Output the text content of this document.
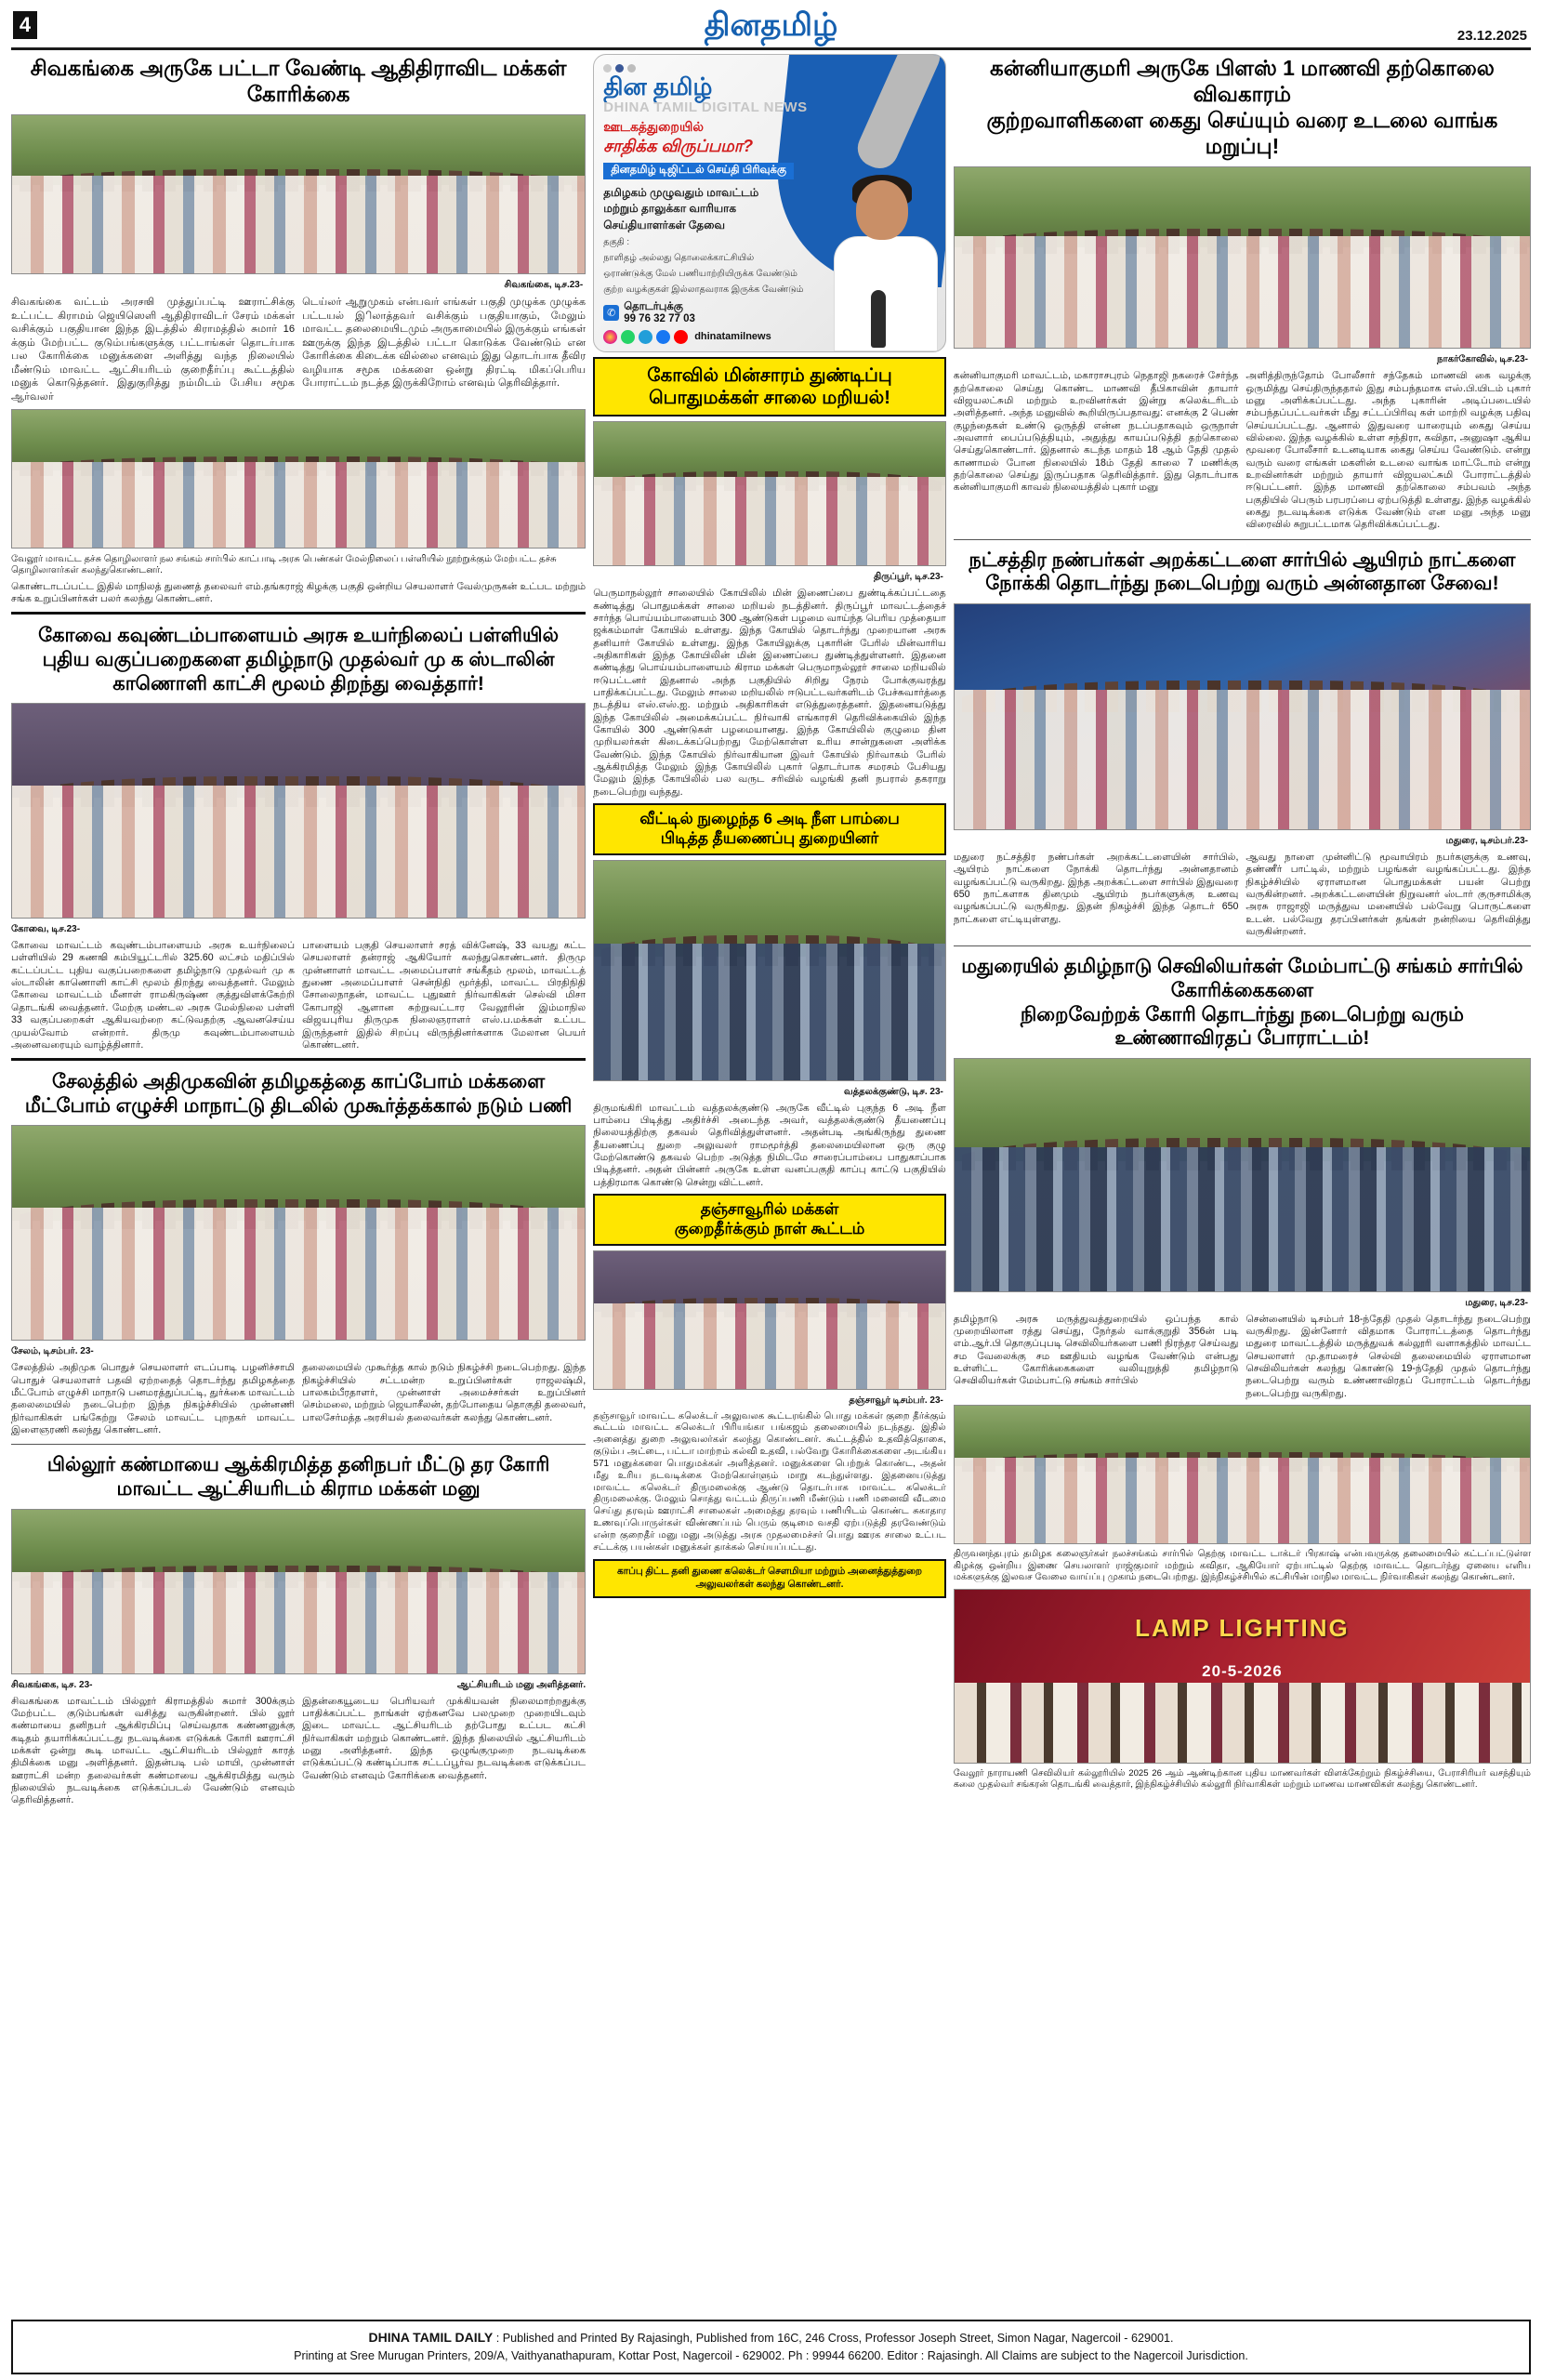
4	தினதமிழ்	23.12.2025
சிவகங்கை அருகே பட்டா வேண்டி ஆதிதிராவிட மக்கள் கோரிக்கை
சிவகங்கை, டிச.23-
சிவகங்கை வட்டம் அரசஙி முத்துப்பட்டி ஊராட்சிக்கு உட்பட்ட கிராமம் ஜெயிஸெளி ஆதிதிராவிடர் சேரம் மக்கள் வசிக்கும் பகுதியான இந்த இடத்தில் கிராமத்தில் சுமார் 16 க்கும் மேற்பட்ட குடும்பங்களுக்கு பட்டாங்கள் தொடர்பாக பல கோரிக்கை மனுக்களை அளித்து வந்த நிலையில் மீண்டும் மாவட்ட ஆட்சியரிடம் குறைதீர்ப்பு கூட்டத்தில் மனுக் கொடுத்தனர். இதுகுறித்து நம்மிடம் பேசிய சமூக ஆர்வலர்
டெய்லர் ஆறுமுகம் என்பவர் எங்கள் பகுதி முழுக்க முழுக்க பட்டயல் இிலாத்தவர் வசிக்கும் பகுதியாகும், மேலும் மாவட்ட தலைமையிடமும் அருகாமையில் இருக்கும் எங்கள் ஊருக்கு இந்த இடத்தில் பட்டா கொடுக்க வேண்டும் என கோரிக்கை கிடைக்க வில்லை எனவும் இது தொடர்பாக தீவிர வழியாக சமூக மக்களை ஒன்று திரட்டி மிகப்பெரிய போராட்டம் நடத்த இருக்கிறோம் எனவும் தெரிவித்தார்.
வேலூர் மாவட்ட தச்சு தொழிலாளர் நல சங்கம் சார்பில் காட்பாடி அரசு பெண்கள் மேல்நிலைப் பள்ளியில் நூற்றுக்கும் மேற்பட்ட தச்சு தொழிலாளர்கள் கலந்துகொண்டனர்.
கொண்டாடப்பட்ட இதில் மாநிலத் துணைத் தலைவர் எம்.தங்கராஜ் கிழக்கு பகுதி ஒன்றிய செயலாளர் வேல்முருகன் உட்பட மற்றும் சங்க உறுப்பினர்கள் பலர் கலந்து கொண்டனர்.
கோவை கவுண்டம்பாளையம் அரசு உயர்நிலைப் பள்ளியில் புதிய வகுப்பறைகளை தமிழ்நாடு முதல்வர் மு க ஸ்டாலின் காணொளி காட்சி மூலம் திறந்து வைத்தார்!
கோவை, டிச.23-
கோவை மாவட்டம் கவுண்டம்பாளையம் அரசு உயர்நிலைப் பள்ளியில் 29 கணஙி கம்பியூட்டரில் 325.60 லட்சம் மதிப்பில் கட்டப்பட்ட புதிய வகுப்பறைகளை தமிழ்நாடு முதல்வர் மு க ஸ்டாலின் காணொளி காட்சி மூலம் திறந்து வைத்தனர். மேலும் கோவை மாவட்டம் மீனாள் ராமகிருஷ்ண குத்துவிளக்கேற்றி தொடங்கி வைத்தனர். மேற்கு மண்டல அரசு மேல்நிலை பள்ளி 33 வகுப்பறைகள் ஆகியவற்றை கட்டுவதற்கு ஆவனசெய்ய முயல்வோம் என்றார். திருமு கவுண்டம்பாளையம் அனைவரையும் வாழ்த்தினார்.
பாளையம் பகுதி செயலாளர் சரத் விக்னேஷ், 33 வயது கட்ட செயலாளர் தன்ராஜ் ஆகியோர் கலந்துகொண்டனர். திருமு முன்னாளர் மாவட்ட அமைப்பாளர் சங்கீதம் மூலம், மாவட்டத் துணை அமைப்பாளர் சென்நிதி மூர்த்தி, மாவட்ட பிரதிநிதி சோலைநாதன், மாவட்ட புதுஊர் நிர்வாகிகள் செல்வி மிசா கோபாஜி ஆளான சுற்றுவட்டார வேலூரின் இம்மாநில விஜயபுரிய திருமுக நிலைஞராளர் எஸ்.ப.மக்கள் உட்பட இருந்தனர் இதில் சிறப்பு விருந்தினர்களாக மேலான பெயர் கொண்டனர்.
சேலத்தில் அதிமுகவின் தமிழகத்தை காப்போம் மக்களை மீட்போம் எழுச்சி மாநாட்டு திடலில் முகூர்த்தக்கால் நடும் பணி
சேலம், டிசம்பர். 23-
சேலத்தில் அதிமுக பொதுச் செயலாளர் எடப்பாடி பழனிச்சாமி பொதுச் செயலாளர் பதவி ஏற்றதைத் தொடர்ந்து தமிழகத்தை மீட்போம் எழுச்சி மாநாடு பனமரத்துப்பட்டி, துர்க்கை மாவட்டம் தலைமையில் நடைபெற்ற இந்த நிகழ்ச்சியில் முன்னணி நிர்வாகிகள் பங்கேற்று சேலம் மாவட்ட புறநகர் மாவட்ட இளைஞரணி கலந்து கொண்டனர்.
தலைமையில் முகூர்த்த கால் நடும் நிகழ்ச்சி நடைபெற்றது. இந்த நிகழ்ச்சியில் சட்டமன்ற உறுப்பினர்கள் ராஜலஷ்மி, பாலகம்பீரதாளர், முன்னாள் அமைச்சர்கள் உறுப்பினர் செம்மலை, மற்றும் ஜெயாசீலன், தற்போதைய தொகுதி தலைவர், பாலசேர்மத்த அரசியல் தலைவர்கள் கலந்து கொண்டனர்.
பில்லூர் கண்மாயை ஆக்கிரமித்த தனிநபர் மீட்டு தர கோரி மாவட்ட ஆட்சியரிடம் கிராம மக்கள் மனு
சிவகங்கை, டிச. 23-	ஆட்சியரிடம் மனு அளித்தனர்.
சிவகங்கை மாவட்டம் பில்லூர் கிராமத்தில் சுமார் 300க்கும் மேற்பட்ட குடும்பங்கள் வசித்து வருகின்றனர். பில் லூர் கண்மாயை தனிநபர் ஆக்கிரமிப்பு செய்வதாக கண்ணனுக்கு கடிதம் தயாரிக்கப்பட்டது நடவடிக்கை எடுக்கக் கோரி ஊராட்சி மக்கள் ஒன்று கூடி மாவட்ட ஆட்சியரிடம் பில்லூர் காரத் திமிக்கை மனு அளித்தனர். இதன்படி பல் மாயி, முன்னாள் ஊராட்சி மன்ற தலைவர்கள் கண்மாயை ஆக்கிரமித்து வரும் நிலையில் நடவடிக்கை எடுக்கப்படல் வேண்டும் எனவும் தெரிவித்தனர்.
இதன்கையூடைய பெரியவர் முக்கியவன் நிலைமாற்றதுக்கு பாதிக்கப்பட்ட நாங்கள் ஏற்கனவே பலமுறை முறையிடவும் இடை மாவட்ட ஆட்சியரிடம் தற்போது உட்பட கட்சி நிர்வாகிகள் மற்றும் கொண்டனர். இந்த நிலையில் ஆட்சியரிடம் மனு அளித்தனர். இந்த ஒழுங்குமுறை நடவடிக்கை எடுக்கப்பட்டு கண்டிப்பாக சட்டப்பூர்வ நடவடிக்கை எடுக்கப்பட வேண்டும் எனவும் கோரிக்கை வைத்தனர்.
தின தமிழ்
DHINA TAMIL DIGITAL NEWS
ஊடகத்துறையில்
சாதிக்க விருப்பமா?
தினதமிழ் டிஜிட்டல் செய்தி பிரிவுக்கு
தமிழகம் முழுவதும் மாவட்டம்
மற்றும் தாலுக்கா வாரியாக
செய்தியாளர்கள் தேவை
தகுதி :
நாளிதழ் அல்லது தொலைக்காட்சியில்
ஒராண்டுக்கு மேல் பணியாற்றியிருக்க வேண்டும்
குற்ற வழக்குகள் இல்லாதவராக இருக்க வேண்டும்
✆
தொடர்புக்கு
99 76 32 77 03
dhinatamilnews
கோவில் மின்சாரம் துண்டிப்பு
பொதுமக்கள் சாலை மறியல்!
திருப்பூர், டிச.23-
பெருமாநல்லூர் சாலையில் கோயிலில் மின் இணைப்பை துண்டிக்கப்பட்டதை கண்டித்து பொதுமக்கள் சாலை மறியல் நடத்தினர். திருப்பூர் மாவட்டத்தைச் சார்ந்த பொய்யம்பாளையம் 300 ஆண்டுகள் பழமை வாய்ந்த பெரிய முத்தையா ஜக்கம்மாள் கோயில் உள்ளது. இந்த கோயில் தொடர்ந்து முறையான அரசு தனியார் கோயில் உள்ளது. இந்த கோயிலுக்கு புகாரின் பேரில் மின்வாரிய அதிகாரிகள் இந்த கோயிலின் மின் இணைப்பை துண்டித்துள்ளனர். இதனை கண்டித்து பொய்யம்பாளையம் கிராம மக்கள் பெருமாநல்லூர் சாலை மறியலில் ஈடுபட்டனர் இதனால் அந்த பகுதியில் சிறிது நேரம் போக்குவரத்து பாதிக்கப்பட்டது. மேலும் சாலை மறியலில் ஈடுபட்டவர்களிடம் பேச்சுவார்த்தை நடத்திய எஸ்.எஸ்.ஐ. மற்றும் அதிகாரிகள் எடுத்துரைத்தனர். இதனையடுத்து இந்த கோயிலில் அமைக்கப்பட்ட நிர்வாகி எங்காரசி தெரிவிக்கையில் இந்த கோயில் 300 ஆண்டுகள் பழமையானது. இந்த கோயிலில் குழுமை தின முறியலர்கள் கிடைக்கப்பெற்றது மேற்கொள்ள உரிய சான்றுகளை அளிக்க வேண்டும். இந்த கோயில் நிர்வாகியான இவர் கோயில் நிர்வாகம் பேரில் ஆக்கிரமித்த மேலும் இந்த கோயிலில் புகார் தொடர்பாக சமரசம் பேசியது மேலும் இந்த கோயிலில் பல வருட சரிவில் வழங்கி தனி நபரால் தகராறு நடைபெற்று வந்தது.
வீட்டில் நுழைந்த 6 அடி நீள பாம்பை
பிடித்த தீயணைப்பு துறையினர்
வத்தலக்குண்டு, டிச. 23-
திருமங்கிரி மாவட்டம் வத்தலக்குண்டு அருகே வீட்டில் புகுந்த 6 அடி நீள பாம்பை பிடித்து அதிர்ச்சி அடைந்த அவர், வத்தலக்குண்டு தீயணைப்பு நிலையத்திற்கு தகவல் தெரிவித்துள்ளனர். அதன்படி அங்கிருந்து துணை தீயணைப்பு துறை அலுவலர் ராமமூர்த்தி தலைமையிலான ஒரு குழு மேற்கொண்டு தகவல் பெற்ற அடுத்த நிமிடமே சாரைப்பாம்பை பாதுகாப்பாக பிடித்தனர். அதன் பின்னர் அருகே உள்ள வனப்பகுதி காப்பு காட்டு பகுதியில் பத்திரமாக கொண்டு சென்று விட்டனர்.
தஞ்சாவூரில் மக்கள்
குறைதீர்க்கும் நாள் கூட்டம்
தஞ்சாவூர் டிசம்பர். 23-
தஞ்சாவூர் மாவட்ட கலெக்டர் அலுவலக கூட்டரங்கில் பொது மக்கள் குறை தீர்க்கும் கூட்டம் மாவட்ட கலெக்டர் பிரியங்கா பங்கஜம் தலைமையில் நடந்தது. இதில் அனைத்து துறை அலுவலர்கள் கலந்து கொண்டனர். கூட்டத்தில் உதவித்தொகை, குடும்ப அட்டை, பட்டா மாற்றம் கல்வி உதவி, பல்வேறு கோரிக்கைகளை அடங்கிய 571 மனுக்களை பொதுமக்கள் அளித்தனர். மனுக்களை பெற்றுக் கொண்ட, அதன் மீது உரிய நடவடிக்கை மேற்கொள்ளும் மாறு கடந்துள்ளது. இதனையடுத்து மாவட்ட கலெக்டர் திருமலைக்கு ஆண்டு தொடர்பாக மாவட்ட கலெக்டர் திருமலைக்கு. மேலும் சொத்து வட்டம் திருப்பணி மீண்டும் பணி மனைவி வீடமை செய்து தரவும் ஊராட்சி சாலைகள் அமைத்து தரவும் பணியிடம் கொண்ட சுகாதார உணவுப்பொருள்கள் விண்ணப்பம் பெரும் குடிமை வசதி ஏற்படுத்தி தரவேண்டும் என்ற குறைதீர் மனு மனு அடுத்து அரசு முதலமைச்சர் பொது ஊரக சாலை உட்பட சட்டக்கு பயன்கள் மனுக்கள் தாக்கல் செய்யப்பட்டது.
காப்பு திட்ட தனி துணை கலெக்டர் சௌமியா மற்றும் அனைத்துத்துறை அலுவலர்கள் கலந்து கொண்டனர்.
கன்னியாகுமரி அருகே பிளஸ் 1 மாணவி தற்கொலை விவகாரம்
குற்றவாளிகளை கைது செய்யும் வரை உடலை வாங்க மறுப்பு!
நாகர்கோவில், டிச.23-
கன்னியாகுமரி மாவட்டம், மகாராசபுரம் நெதாஜி நகரைச் சேர்ந்த தற்கொலை செய்து கொண்ட மாணவி தீபிகாவின் தாயார் விஜயலட்சுமி மற்றும் உறவினர்கள் இன்று கலெக்டரிடம் அளித்தனர். அந்த மனுவில் கூறியிருப்பதாவது: எனக்கு 2 பெண் குழந்தைகள் உண்டு ஒருத்தி என்ன நடப்பதாகவும் ஒருநாள் அவளார் பைப்படுத்தியும், அதுத்து காயப்படுத்தி தற்கொலை செய்துகொண்டார். இதனால் கடந்த மாதம் 18 ஆம் தேதி முதல் காணாமல் போன நிலையில் 18ம் தேதி காலை 7 மணிக்கு தற்கொலை செய்து இருப்பதாக தெரிவித்தார். இது தொடர்பாக கன்னியாகுமரி காவல் நிலையத்தில் புகார் மனு
அளித்திருந்தோம் போலீசார் சந்தேகம் மாணவி கை வழக்கு ஒருமித்து செய்திருந்ததால் இது சம்பந்தமாக எஸ்.பி.யிடம் புகார் மனு அளிக்கப்பட்டது. அந்த புகாரின் அடிப்படையில் சம்பந்தப்பட்டவர்கள் மீது சட்டப்பிரிவு கள் மாற்றி வழக்கு பதிவு செய்யப்பட்டது. ஆனால் இதுவரை யாரையும் கைது செய்ய வில்லை. இந்த வழக்கில் உள்ள சந்திரா, கவிதா, அனுஷா ஆகிய மூவரை போலீசார் உடனடியாக கைது செய்ய வேண்டும். என்று வரும் வரை எங்கள் மகளின் உடலை வாங்க மாட்டோம் என்று உறவினர்கள் மற்றும் தாயார் விஜயலட்சுமி போராட்டத்தில் ஈடுபட்டனர். இந்த மாணவி தற்கொலை சம்பவம் அந்த பகுதியில் பெரும் பரபரப்பை ஏற்படுத்தி உள்ளது. இந்த வழக்கில் கைது நடவடிக்கை எடுக்க வேண்டும் என மனு அந்த மனு விரைவில் சுறுபட்டமாக தெரிவிக்கப்பட்டது.
நட்சத்திர நண்பர்கள் அறக்கட்டளை சார்பில் ஆயிரம் நாட்களை
நோக்கி தொடர்ந்து நடைபெற்று வரும் அன்னதான சேவை!
மதுரை, டிசம்பர்.23-
மதுரை நட்சத்திர நண்பர்கள் அறக்கட்டளையின் சார்பில், ஆயிரம் நாட்களை நோக்கி தொடர்ந்து அன்னதானம் வழங்கப்பட்டு வருகிறது. இந்த அறக்கட்டளை சார்பில் இதுவரை 650 நாட்களாக தினமும் ஆயிரம் நபர்களுக்கு உணவு வழங்கப்பட்டு வருகிறது. இதன் நிகழ்ச்சி இந்த தொடர் 650 நாட்களை எட்டியுள்ளது.
ஆவது நாளை முன்னிட்டு மூவாயிரம் நபர்களுக்கு உணவு, தண்ணீர் பாட்டில், மற்றும் பழங்கள் வழங்கப்பட்டது. இந்த நிகழ்ச்சியில் ஏராளமான பொதுமக்கள் பயன் பெற்று வருகின்றனர். அறக்கட்டளையின் நிறுவனர் ஸ்டார் குருசாமிக்கு அரசு ராஜாஜி மருத்துவ மனையில் பல்வேறு பொருட்களை உடன். பல்வேறு தரப்பினர்கள் தங்கள் நன்றியை தெரிவித்து வருகின்றனர்.
மதுரையில் தமிழ்நாடு செவிலியர்கள் மேம்பாட்டு சங்கம் சார்பில் கோரிக்கைகளை
நிறைவேற்றக் கோரி தொடர்ந்து நடைபெற்று வரும் உண்ணாவிரதப் போராட்டம்!
மதுரை, டிச.23-
தமிழ்நாடு அரசு மருத்துவத்துறையில் ஒப்பந்த கால் முறையிலான ரத்து செய்து, நேர்தல் வாக்குறுதி 356ன் படி எம்.ஆர்.பி தொகுப்புபடி செவிலியர்களை பணி நிரந்தர செய்வது சம வேலைக்கு சம ஊதியம் வழங்க வேண்டும் என்பது உள்ளிட்ட கோரிக்கைகளை வலியுறுத்தி தமிழ்நாடு செவிலியர்கள் மேம்பாட்டு சங்கம் சார்பில்
சென்னையில் டிசம்பர் 18-ந்தேதி முதல் தொடர்ந்து நடைபெற்று வருகிறது. இன்னோர் விதமாக போராட்டத்தை தொடர்ந்து மதுரை மாவட்டத்தில் மருத்துவக் கல்லூரி வளாகத்தில் மாவட்ட செயலாளர் மு.தாமரைச் செல்வி தலைமையில் ஏராளமான செவிலியர்கள் கலந்து கொண்டு 19-ந்தேதி முதல் தொடர்ந்து நடைபெற்று வரும் உண்ணாவிரதப் போராட்டம் தொடர்ந்து நடைபெற்று வருகிறது.
திருவனந்தபுரம் தமிழக கலைஞர்கள் நலச்சங்கம் சார்பில் தெற்கு மாவட்ட டாக்டர் பிரகாஷ் என்பவருக்கு தலைமையில் கட்டப்பட்டுள்ள கிழக்கு ஒன்றிய இணை செயலாளர் ராஜ்குமார் மற்றும் கவிதா, ஆகியோர் ஏற்பாட்டில் தெற்கு மாவட்ட தொடர்ந்து ஏனைய எளிய மக்களுக்கு இலவச வேலை வாய்ப்பு முகாம் நடைபெற்றது. இந்நிகழ்ச்சியில் கட்சியின் மாநில மாவட்ட நிர்வாகிகள் கலந்து கொண்டனர்.
LAMP LIGHTING
20-5-2026
வேலூர் நாராயணி செவிலியர் கல்லூரியில் 2025 26 ஆம் ஆண்டிற்கான புதிய மாணவர்கள் விளக்கேற்றும் நிகழ்ச்சியை, பேராசிரியர் வசந்தியும் கலை முதல்வர் சங்கரன் தொடங்கி வைத்தார், இந்நிகழ்ச்சியில் கல்லூரி நிர்வாகிகள் மற்றும் மாணவ மாணவிகள் கலந்து கொண்டனர்.
DHINA TAMIL DAILY : Published and Printed By Rajasingh, Published from 16C, 246 Cross, Professor Joseph Street, Simon Nagar, Nagercoil - 629001.
Printing at Sree Murugan Printers, 209/A, Vaithyanathapuram, Kottar Post, Nagercoil - 629002. Ph : 99944 66200. Editor : Rajasingh. All Claims are subject to the Nagercoil Jurisdiction.
